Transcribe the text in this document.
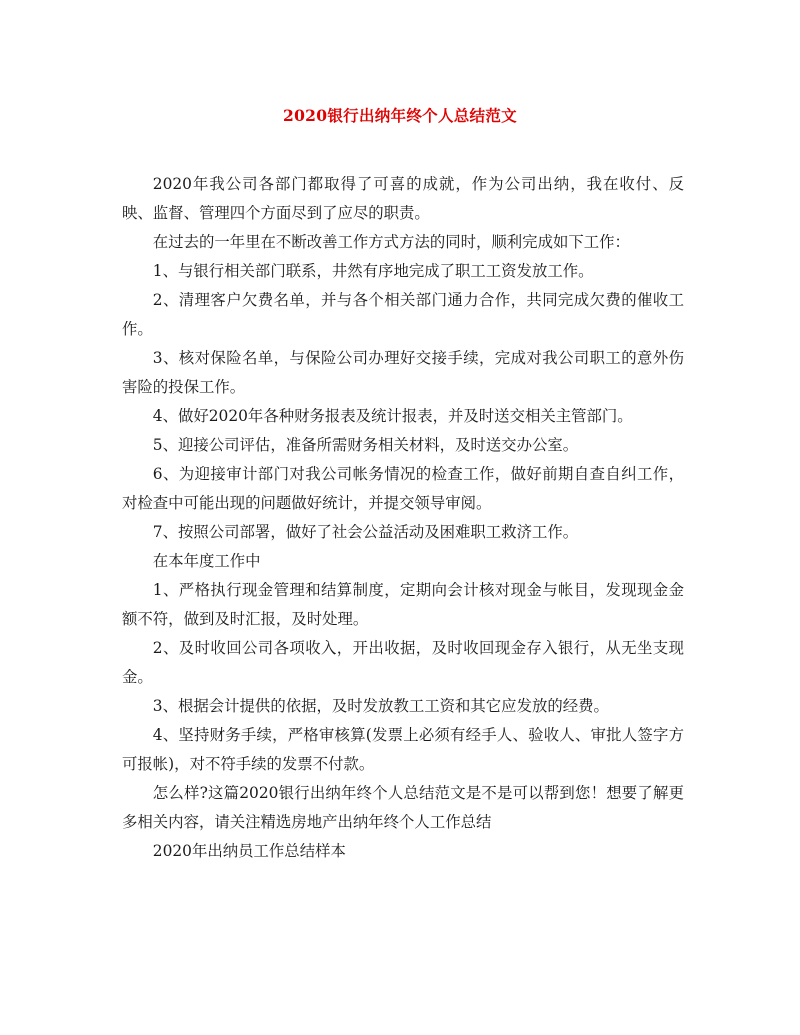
2020银行出纳年终个人总结范文

2020年我公司各部门都取得了可喜的成就，作为公司出纳，我在收付、反映、监督、管理四个方面尽到了应尽的职责。

在过去的一年里在不断改善工作方式方法的同时，顺利完成如下工作：

1、与银行相关部门联系，井然有序地完成了职工工资发放工作。

2、清理客户欠费名单，并与各个相关部门通力合作，共同完成欠费的催收工作。

3、核对保险名单，与保险公司办理好交接手续，完成对我公司职工的意外伤害险的投保工作。

4、做好2020年各种财务报表及统计报表，并及时送交相关主管部门。

5、迎接公司评估，准备所需财务相关材料，及时送交办公室。

6、为迎接审计部门对我公司帐务情况的检查工作，做好前期自查自纠工作，对检查中可能出现的问题做好统计，并提交领导审阅。

7、按照公司部署，做好了社会公益活动及困难职工救济工作。

在本年度工作中

1、严格执行现金管理和结算制度，定期向会计核对现金与帐目，发现现金金额不符，做到及时汇报，及时处理。

2、及时收回公司各项收入，开出收据，及时收回现金存入银行，从无坐支现金。

3、根据会计提供的依据，及时发放教工工资和其它应发放的经费。

4、坚持财务手续，严格审核算(发票上必须有经手人、验收人、审批人签字方可报帐)，对不符手续的发票不付款。

怎么样?这篇2020银行出纳年终个人总结范文是不是可以帮到您！想要了解更多相关内容，请关注精选房地产出纳年终个人工作总结

2020年出纳员工作总结样本
